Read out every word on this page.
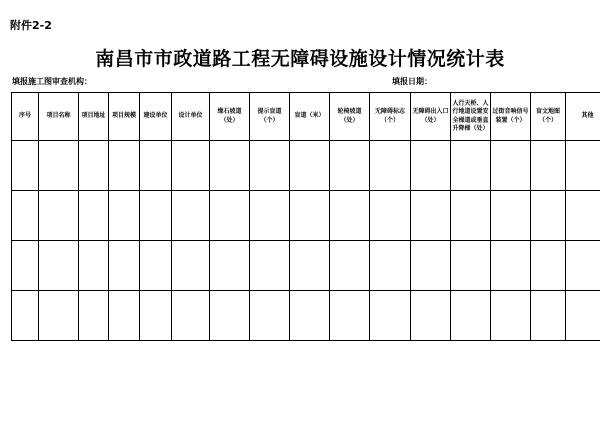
附件2-2
南昌市市政道路工程无障碍设施设计情况统计表
填报施工图审查机构：	填报日期：
序号	项目名称	项目地址	项目规模	建设单位	设计单位	缘石坡道（处）	提示盲道（个）	盲道（米）	轮椅坡道（处）	无障碍标志（个）	无障碍出入口（处）	人行天桥、人行地道设置安全梯道或垂直升降梯（处）	过街音响信号装置（个）	盲文地图（个）	其他
